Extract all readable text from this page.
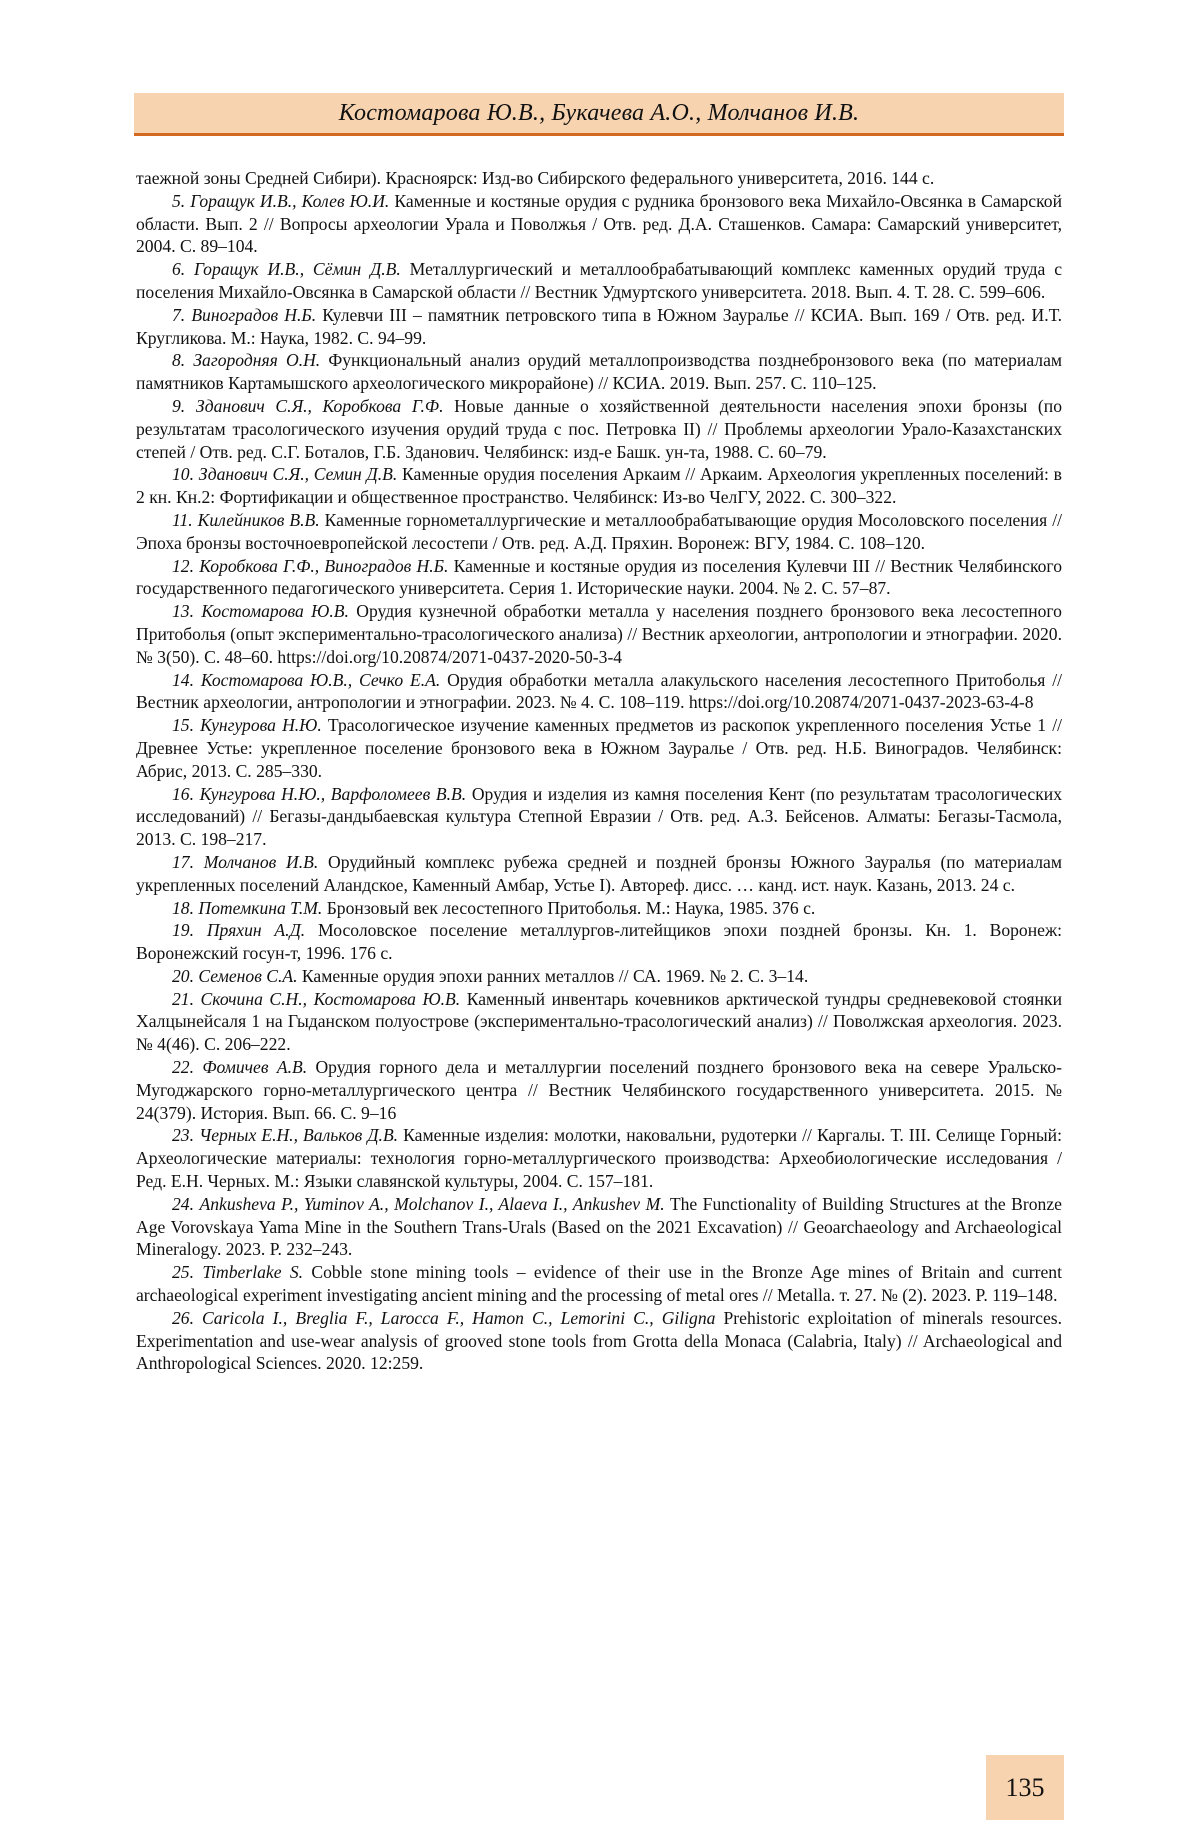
Костомарова Ю.В., Букачева А.О., Молчанов И.В.

таежной зоны Средней Сибири). Красноярск: Изд-во Сибирского федерального университета, 2016. 144 с.

5. Горащук И.В., Колев Ю.И. Каменные и костяные орудия с рудника бронзового века Михайло-Овсянка в Самарской области. Вып. 2 // Вопросы археологии Урала и Поволжья / Отв. ред. Д.А. Сташенков. Самара: Самарский университет, 2004. С. 89–104.

6. Горащук И.В., Сёмин Д.В. Металлургический и металлообрабатывающий комплекс каменных орудий труда с поселения Михайло-Овсянка в Самарской области // Вестник Удмуртского университета. 2018. Вып. 4. Т. 28. С. 599–606.

7. Виноградов Н.Б. Кулевчи III – памятник петровского типа в Южном Зауралье // КСИА. Вып. 169 / Отв. ред. И.Т. Кругликова. М.: Наука, 1982. С. 94–99.

8. Загородняя О.Н. Функциональный анализ орудий металлопроизводства позднебронзового века (по материалам памятников Картамышского археологического микрорайоне) // КСИА. 2019. Вып. 257. С. 110–125.

9. Зданович С.Я., Коробкова Г.Ф. Новые данные о хозяйственной деятельности населения эпохи бронзы (по результатам трасологического изучения орудий труда с пос. Петровка II) // Проблемы археологии Урало-Казахстанских степей / Отв. ред. С.Г. Боталов, Г.Б. Зданович. Челябинск: изд-е Башк. ун-та, 1988. С. 60–79.

10. Зданович С.Я., Семин Д.В. Каменные орудия поселения Аркаим // Аркаим. Археология укрепленных поселений: в 2 кн. Кн.2: Фортификации и общественное пространство. Челябинск: Из-во ЧелГУ, 2022. С. 300–322.

11. Килейников В.В. Каменные горнометаллургические и металлообрабатывающие орудия Мосоловского поселения // Эпоха бронзы восточноевропейской лесостепи / Отв. ред. А.Д. Пряхин. Воронеж: ВГУ, 1984. С. 108–120.

12. Коробкова Г.Ф., Виноградов Н.Б. Каменные и костяные орудия из поселения Кулевчи III // Вестник Челябинского государственного педагогического университета. Серия 1. Исторические науки. 2004. № 2. С. 57–87.

13. Костомарова Ю.В. Орудия кузнечной обработки металла у населения позднего бронзового века лесостепного Притоболья (опыт экспериментально-трасологического анализа) // Вестник археологии, антропологии и этнографии. 2020. № 3(50). С. 48–60. https://doi.org/10.20874/2071-0437-2020-50-3-4

14. Костомарова Ю.В., Сечко Е.А. Орудия обработки металла алакульского населения лесостепного Притоболья // Вестник археологии, антропологии и этнографии. 2023. № 4. С. 108–119. https://doi.org/10.20874/2071-0437-2023-63-4-8

15. Кунгурова Н.Ю. Трасологическое изучение каменных предметов из раскопок укрепленного поселения Устье 1 // Древнее Устье: укрепленное поселение бронзового века в Южном Зауралье / Отв. ред. Н.Б. Виноградов. Челябинск: Абрис, 2013. С. 285–330.

16. Кунгурова Н.Ю., Варфоломеев В.В. Орудия и изделия из камня поселения Кент (по результатам трасологических исследований) // Бегазы-дандыбаевская культура Степной Евразии / Отв. ред. А.З. Бейсенов. Алматы: Бегазы-Тасмола, 2013. С. 198–217.

17. Молчанов И.В. Орудийный комплекс рубежа средней и поздней бронзы Южного Зауралья (по материалам укрепленных поселений Аландское, Каменный Амбар, Устье I). Автореф. дисс. … канд. ист. наук. Казань, 2013. 24 с.

18. Потемкина Т.М. Бронзовый век лесостепного Притоболья. М.: Наука, 1985. 376 с.

19. Пряхин А.Д. Мосоловское поселение металлургов-литейщиков эпохи поздней бронзы. Кн. 1. Воронеж: Воронежский госун-т, 1996. 176 с.

20. Семенов С.А. Каменные орудия эпохи ранних металлов // СА. 1969. № 2. С. 3–14.

21. Скочина С.Н., Костомарова Ю.В. Каменный инвентарь кочевников арктической тундры средневековой стоянки Халцынейсаля 1 на Гыданском полуострове (экспериментально-трасологический анализ) // Поволжская археология. 2023. № 4(46). С. 206–222.

22. Фомичев А.В. Орудия горного дела и металлургии поселений позднего бронзового века на севере Уральско-Мугоджарского горно-металлургического центра // Вестник Челябинского государственного университета. 2015. № 24(379). История. Вып. 66. С. 9–16

23. Черных Е.Н., Вальков Д.В. Каменные изделия: молотки, наковальни, рудотерки // Каргалы. Т. III. Селище Горный: Археологические материалы: технология горно-металлургического производства: Археобиологические исследования / Ред. Е.Н. Черных. М.: Языки славянской культуры, 2004. С. 157–181.

24. Ankusheva P., Yuminov A., Molchanov I., Alaeva I., Ankushev M. The Functionality of Building Structures at the Bronze Age Vorovskaya Yama Mine in the Southern Trans-Urals (Based on the 2021 Excavation) // Geoarchaeology and Archaeological Mineralogy. 2023. P. 232–243.

25. Timberlake S. Cobble stone mining tools – evidence of their use in the Bronze Age mines of Britain and current archaeological experiment investigating ancient mining and the processing of metal ores // Metalla. т. 27. № (2). 2023. P. 119–148.

26. Caricola I., Breglia F., Larocca F., Hamon C., Lemorini C., Giligna Prehistoric exploitation of minerals resources. Experimentation and use-wear analysis of grooved stone tools from Grotta della Monaca (Calabria, Italy) // Archaeological and Anthropological Sciences. 2020. 12:259.

135
